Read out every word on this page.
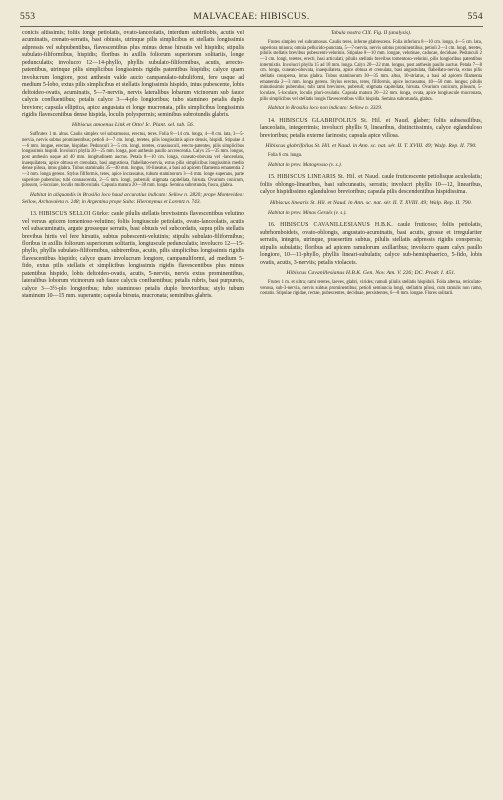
553	MALVACEAE: HIBISCUS.	554

conicis altissimis; foliis longe petiolatis, ovato-lanceolatis, interdum subtrilobis, acutis vel acuminatis, crenato-serratis, basi obtusis, utrinque pilis simplicibus et stellatis longissimis adpressis vel subpubentibus, flavescentibus plus minus dense hirsutis vel hispidis; stipulis subulato-filiformibus, hispidis; floribus in axillis foliorum superiorum solitariis, longe pedunculatis; involucro 12—14-phyllo, phyllis subulato-filiformibus, acutis, arrecto-patentibus, utrinque pilis simplicibus longissimis rigidis patentibus hispidis; calyce quam involucrum longiore, post anthesin valde aucto campanulato-tubulifomi, fere usque ad medium 5-lobo, extus pilis simplicibus et stellatis longissimis hispido, intus pubescente, lobis deltoideo-ovatis, acuminatis, 5—7-nerviis, nervis lateralibus lobarum vicinorum sub fauce calycis confluentibus; petalis calyce 3—4-plo longioribus; tubo stamineo petalis duplo breviore; capsula elliptica, apice angustata et longe mucronata, pilis simplicibus longissimis rigidis flavescentibus dense hispida, loculis polyspermis; seminibus subrotundis glabris.

Hibiscus amoenus Link et Otto! Ic. Plant. sel. tab. 56.

Suffrutex 1 m. altus. Caulis simplex vel subramosus, erectus, teres. Folia 8—14 cm. longa, 4—8 cm. lata, 3—5-nervia, nervis subtus prominentibus; petioli 4—7 cm. longi, teretes, pilis longissimis apice densis, hispidi. Stipulae 4—6 mm. longae, erectae, hispidae. Pedunculi 3—5 cm. longi, teretes, crassiusculi, erecto-patentes, pilis simplicibus longissimis hispidi. Involucri phylla 20—25 mm. longa, post anthesin paullo accrescentia. Calyx 25—35 mm. longus, post anthesin usque ad 40 mm. longitudinem auctus. Petala 8—10 cm. longa, cuneato-obovata vel -lanceolata, inaequilatera, apice obtusa et crenulata, basi angustiora, flabellato-nervia, extus pilis simplicibus longissimis medio dense pilosa, intus glabra. Tubus staminalis 35—40 mm. longus, 10-lineatus, a basi ad apicem filamenta emanentia 2—3 mm. longa gerens. Stylus filiformis, teres, apice incrassatus, tubum staminorum 3—4 mm. longe superans, parte superiore puberulus; tubi connascentia, 2—5 mm. longi, puberuli; stigmata capitellata, hirsuta. Ovarium conicum, pilosum, 5-loculare, loculis multiovulatis. Capsula matura 20—30 mm. longa. Semina subrotunda, fusca, glabra.

Habitat in aliquandis in Brasilia loco haud accuratius indicato: Sellow n. 2820; prope Montevideo: Sellow, Archavaleta n. 248; in Argentina prope Salta: Hieronymus et Lorentz n. 743.

13. HIBISCUS SELLOI Gürke: caule pilulis stellatis brevissimis flavescentibus velutino vel versus apicem tomentoso-velutino; foliis longiuscule petiolatis, ovato-lanceolatis, acutis vel subacuminatis, argute grosseque serratis, basi obtusis vel subcordatis, supra pilis stellatis brevibus hirtis vel fere hirsutis, subtus pubescenti-velutinis; stipulis subulato-filiformibus; floribus in axillis foliorum superiorum solitariis, longiuscule pedunculatis; involucro 12—15-phyllo, phyllis subulato-filiformibus, subtrerribus, acutis, pilis simplicibus longissimis rigidis flavescentibus hispido; calyce quam involucrum longiore, campanuliformi, ad medium 5-fido, extus pilis stellatis et simplicibus longissimis rigidis flavescentibus plus minus patentibus hispido, lobis deltoideo-ovatis, acutis, 5-nerviis, nervis extus prominentibus, lateralibus loborum vicinorum sub fauce calycis confluentibus; petalis rubris, basi purpureis, calyce 3—3½-plo longioribus; tubo staminoso petalis duplo brevioribus; stylo tubum staminum 10—15 mm. superante; capsula birsuta, mucronata; seminibus glabris.

Tabula nostra CIX. Fig. II (analysis).

Frutex simplex vel subramosus. Caulis teres, inferne glabrescens. Folia inferiora 8—10 cm. longa, 4—5 cm. lata, superiora minora; omnia pellucido-punctata, 5—7-nervia, nervis subtus prominentibus; petioli 2—3 cm. longi, teretes, pilulis stellatis brevibus pubescenti-velutinis. Stipulae 8—10 mm. longae, velutinae, caducae, deciduae. Pedunculi 2—3 cm. longi, teretes, erecti, basi articulati, pilulis stellatis brevibus tomentoso-velutini, pilis longioribus patentibus intermixtis. Involucri phylla 15 ad 18 mm. longa. Calyx 20—22 mm. longus, post anthesin paullo auctus. Petala 7—8 cm. longa, cuneato-obovata, inaequilatera, apice obtusa et crenulata, basi angustulata, flabellato-nervia, extus pilis stellatis conspersa, intus glabra. Tubus staminorum 30—35 mm. altus, 10-striatus, a basi ad apicem filamenta emanentia 2—3 mm. longa gerens. Stylus erectus, teres, filiformis, apice incrassatus, 40—50 mm. longus; pilulis minutissimis puberulus; tubi rami breviores, puberuli; stigmata capitellata, hirsuta. Ovarium conicum, pilosum, 5-loculare, 5-loculare, loculis pluri-ovulatis. Capsula matura 20—22 mm. longa, ovata, apice longiuscule mucronata, pilis simplicibus vel stellatis longis flavescentibus villis hispida. Semina subrotunda, glabra.

Habitat in Brasilia loco non indicato: Sellow n. 3329.

14. HIBISCUS GLABRIFOLIUS St. Hil. et Naud. glaber; foliis subsessilibus, lanceolatis, integerrimis; involucri phyllis 9, linearibus, distinctissimis, calyce eglandulosо brevioribus; petalis externe farinosis; capsula apice villosa.

Hibiscus glabrifolius St. Hil. et Naud. in Ann. sc. nat. sér. II. T. XVIII. 49; Walp. Rep. II. 790.

Folia 6 cm. longa.

Habitat in prov. Matogrosso (v. s.).

15. HIBISCUS LINEARIS St. Hil. et Naud. caule fruticescente petiolisque aculeolatis; foliis oblongo-linearibus, basi subcuneatis, serratis; involucri phyllis 10—12, linearibus, calyce hispidissimo eglandulosо brevioribus; capsula pilis descendentibus hispidissima.

Hibiscus linearis St. Hil. et Naud. in Ann. sc. nat. sér. II. T. XVIII. 49; Walp. Rep. II. 790.

Habitat in prov. Minas Geraës (v. s.).

16. HIBISCUS CAVANILLESIANUS H.B.K. caule fruticoso; foliis petiolatis, subrhomboideis, ovato-oblongis, angustato-acuminatis, basi acutis, grosse et irregulariter serratis, integris, utrinque, praesertim subtus, pilulis stellatis adpressis rigidis conspersis; stipulis subulatis; floribus ad apicem ramulorum axillaribus; involucro quam calyx paullo longiore, 10—11-phyllo, phyllis lineari-subulatis; calyce sub-hemisphaerico, 5-fido, lobis ovatis, acutis, 3-nerviis; petalis violaceis.

Hibiscus Cavanillesianus H.B.K. Gen. Nov. Am. V. 226; DC. Prodr. I. 451.

Frutex 1 m. et ultra; rami teretes, laeves, glabri, virides; ramuli pilulis stellatis hispiduli. Folia alterna, reticulato-venosa, sub-3-nervia, nervis subtus prominentibus; petioli semiuncia longi, stellatim pilosi, cum ramulis non ramo, costatis. Stipulae rigidae, rectae, pubescentes, deciduae, persistentes, 6—8 mm. longae. Flores solitarii.
